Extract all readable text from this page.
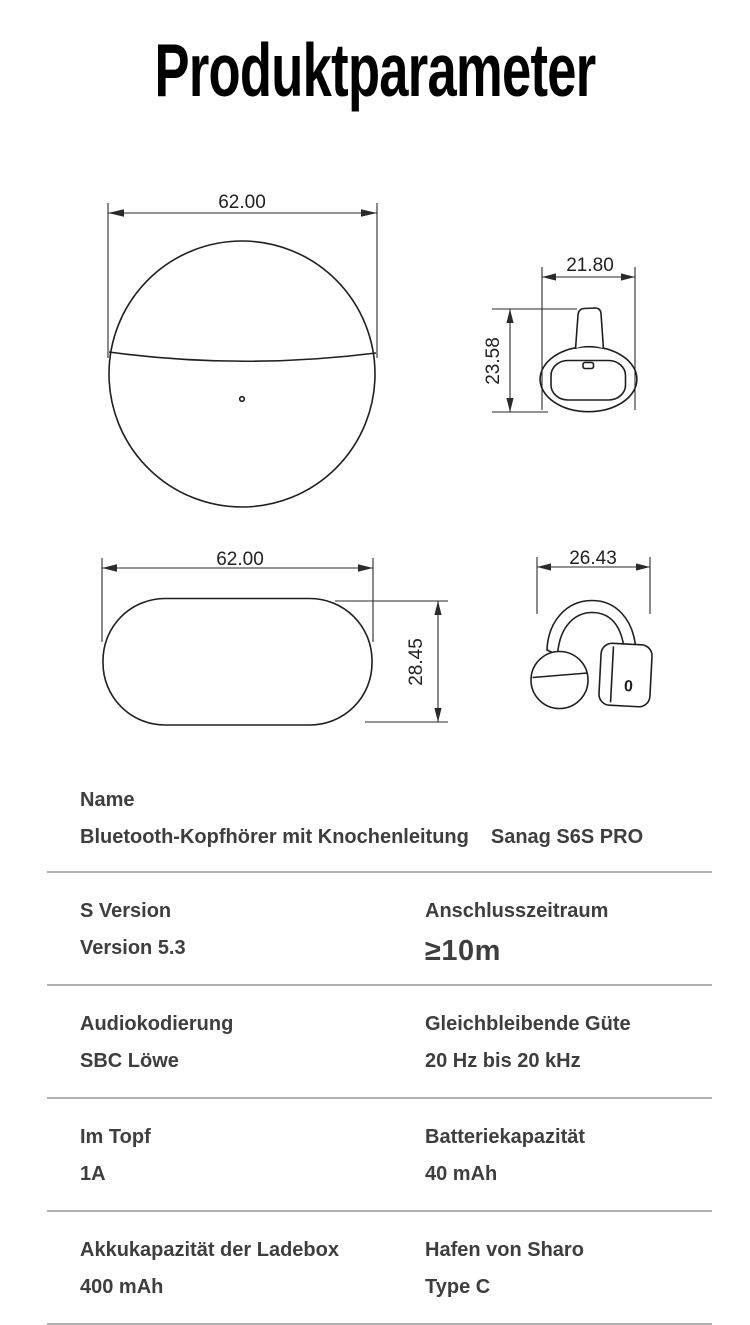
Produktparameter
62.00
21.80
23.58
62.00
28.45
26.43
0
Name
Bluetooth-Kopfhörer mit Knochenleitung Sanag S6S PRO
S Version
Version 5.3
Anschlusszeitraum
≥10m
Audiokodierung
SBC Löwe
Gleichbleibende Güte
20 Hz bis 20 kHz
Im Topf
1A
Batteriekapazität
40 mAh
Akkukapazität der Ladebox
400 mAh
Hafen von Sharo
Type C
